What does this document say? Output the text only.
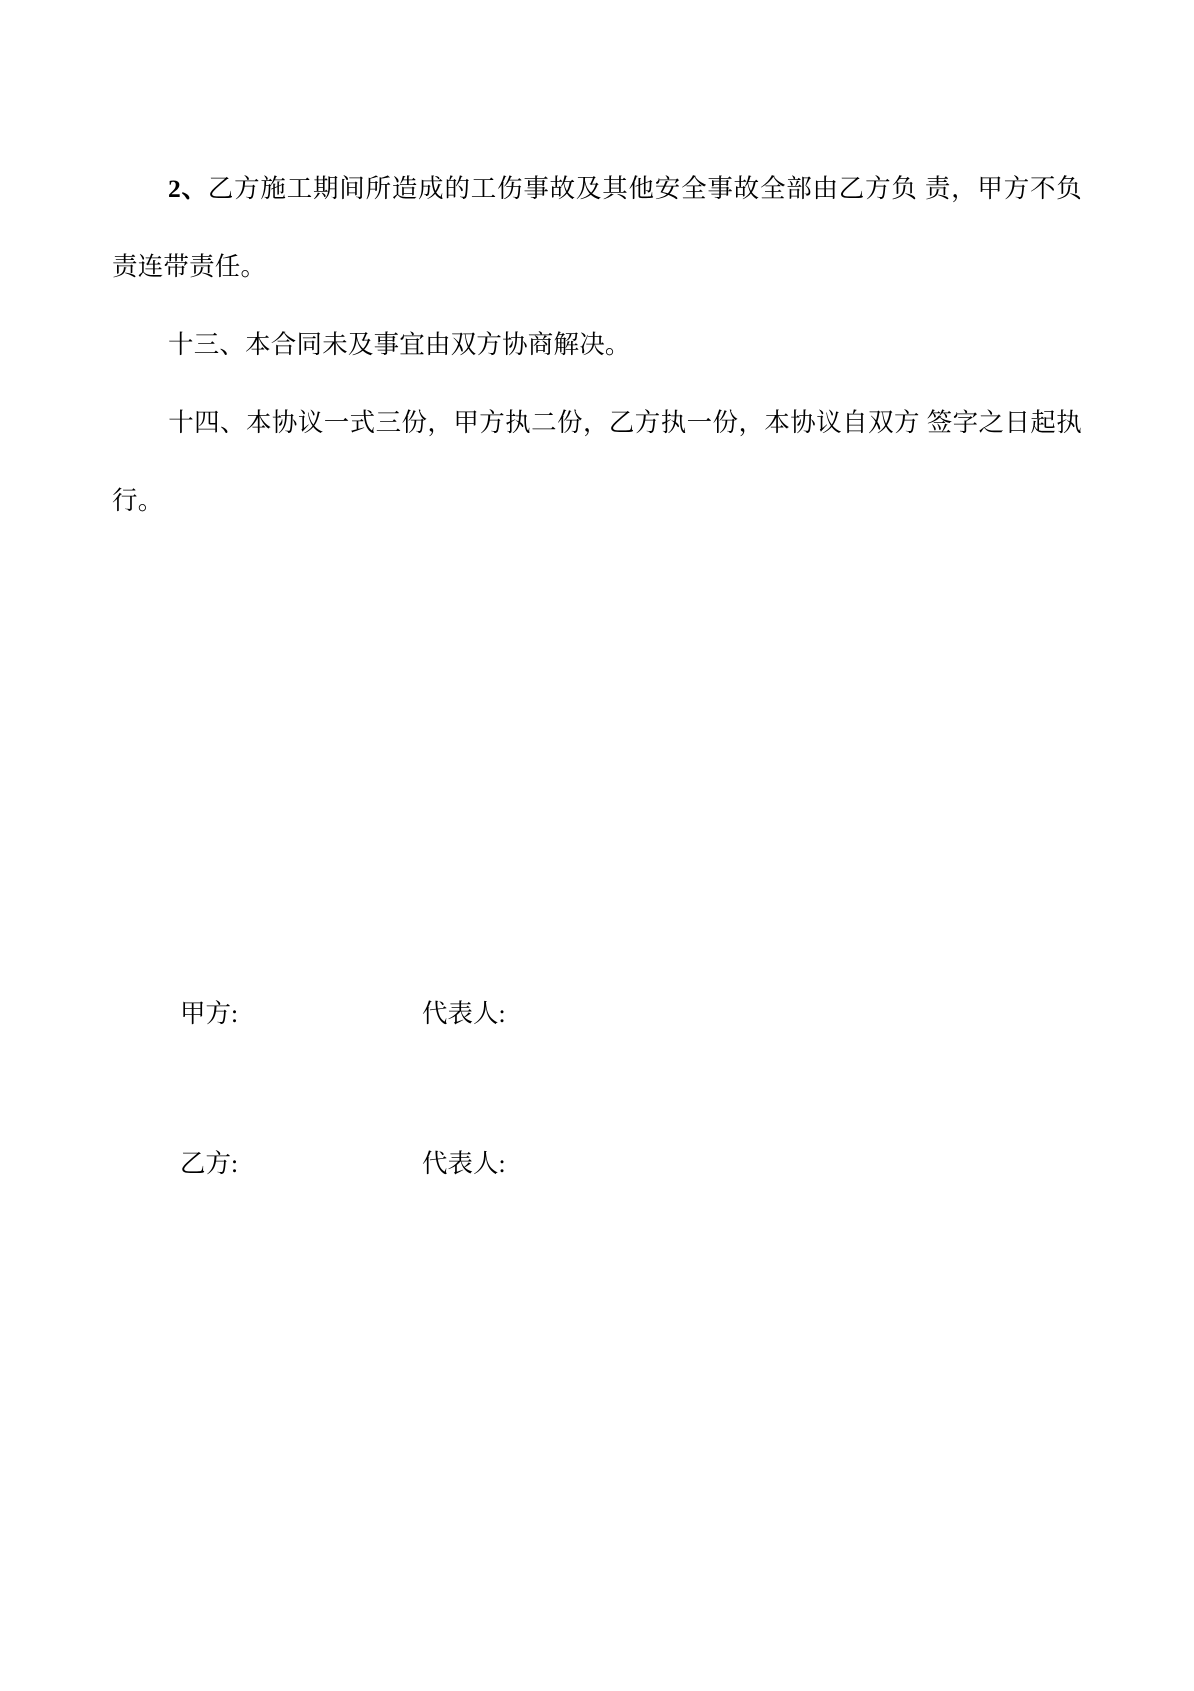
2、乙方施工期间所造成的工伤事故及其他安全事故全部由乙方负 责，甲方不负责连带责任。

十三、本合同未及事宜由双方协商解决。

十四、本协议一式三份，甲方执二份，乙方执一份，本协议自双方 签字之日起执行。

甲方:	代表人:
乙方:	代表人:
